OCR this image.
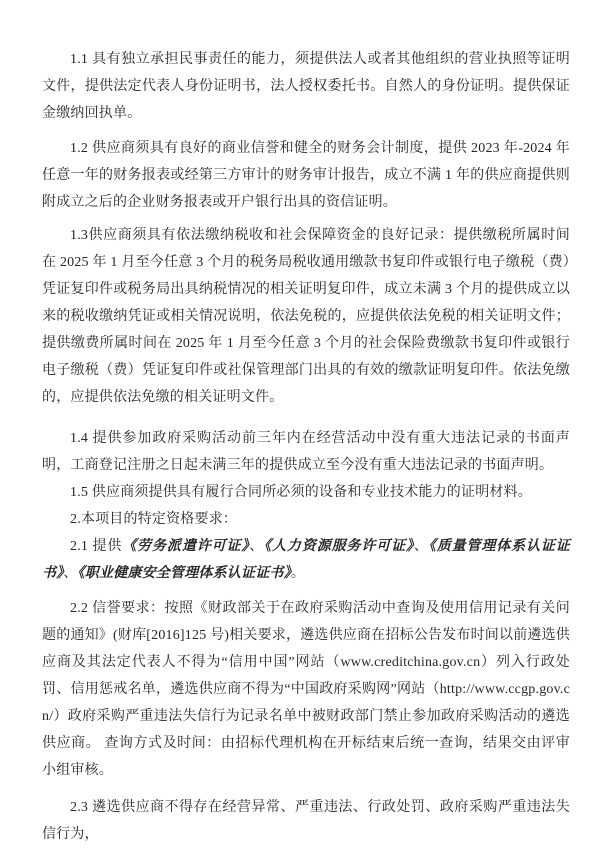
1.1 具有独立承担民事责任的能力，须提供法人或者其他组织的营业执照等证明文件，提供法定代表人身份证明书，法人授权委托书。自然人的身份证明。提供保证金缴纳回执单。

1.2 供应商须具有良好的商业信誉和健全的财务会计制度，提供 2023 年-2024 年任意一年的财务报表或经第三方审计的财务审计报告，成立不满 1 年的供应商提供则附成立之后的企业财务报表或开户银行出具的资信证明。

1.3供应商须具有依法缴纳税收和社会保障资金的良好记录：提供缴税所属时间在 2025 年 1 月至今任意 3 个月的税务局税收通用缴款书复印件或银行电子缴税（费）凭证复印件或税务局出具纳税情况的相关证明复印件，成立未满 3 个月的提供成立以来的税收缴纳凭证或相关情况说明，依法免税的，应提供依法免税的相关证明文件；提供缴费所属时间在 2025 年 1 月至今任意 3 个月的社会保险费缴款书复印件或银行电子缴税（费）凭证复印件或社保管理部门出具的有效的缴款证明复印件。依法免缴的，应提供依法免缴的相关证明文件。

1.4 提供参加政府采购活动前三年内在经营活动中没有重大违法记录的书面声明，工商登记注册之日起未满三年的提供成立至今没有重大违法记录的书面声明。

1.5 供应商须提供具有履行合同所必须的设备和专业技术能力的证明材料。

2.本项目的特定资格要求：

2.1 提供《劳务派遣许可证》、《人力资源服务许可证》、《质量管理体系认证证书》、《职业健康安全管理体系认证证书》。

2.2 信誉要求：按照《财政部关于在政府采购活动中查询及使用信用记录有关问题的通知》(财库[2016]125 号)相关要求，遴选供应商在招标公告发布时间以前遴选供应商及其法定代表人不得为“信用中国”网站（www.creditchina.gov.cn）列入行政处罚、信用惩戒名单，遴选供应商不得为“中国政府采购网”网站（http://www.ccgp.gov.cn/）政府采购严重违法失信行为记录名单中被财政部门禁止参加政府采购活动的遴选供应商。 查询方式及时间：由招标代理机构在开标结束后统一查询，结果交由评审小组审核。

2.3 遴选供应商不得存在经营异常、严重违法、行政处罚、政府采购严重违法失信行为，
